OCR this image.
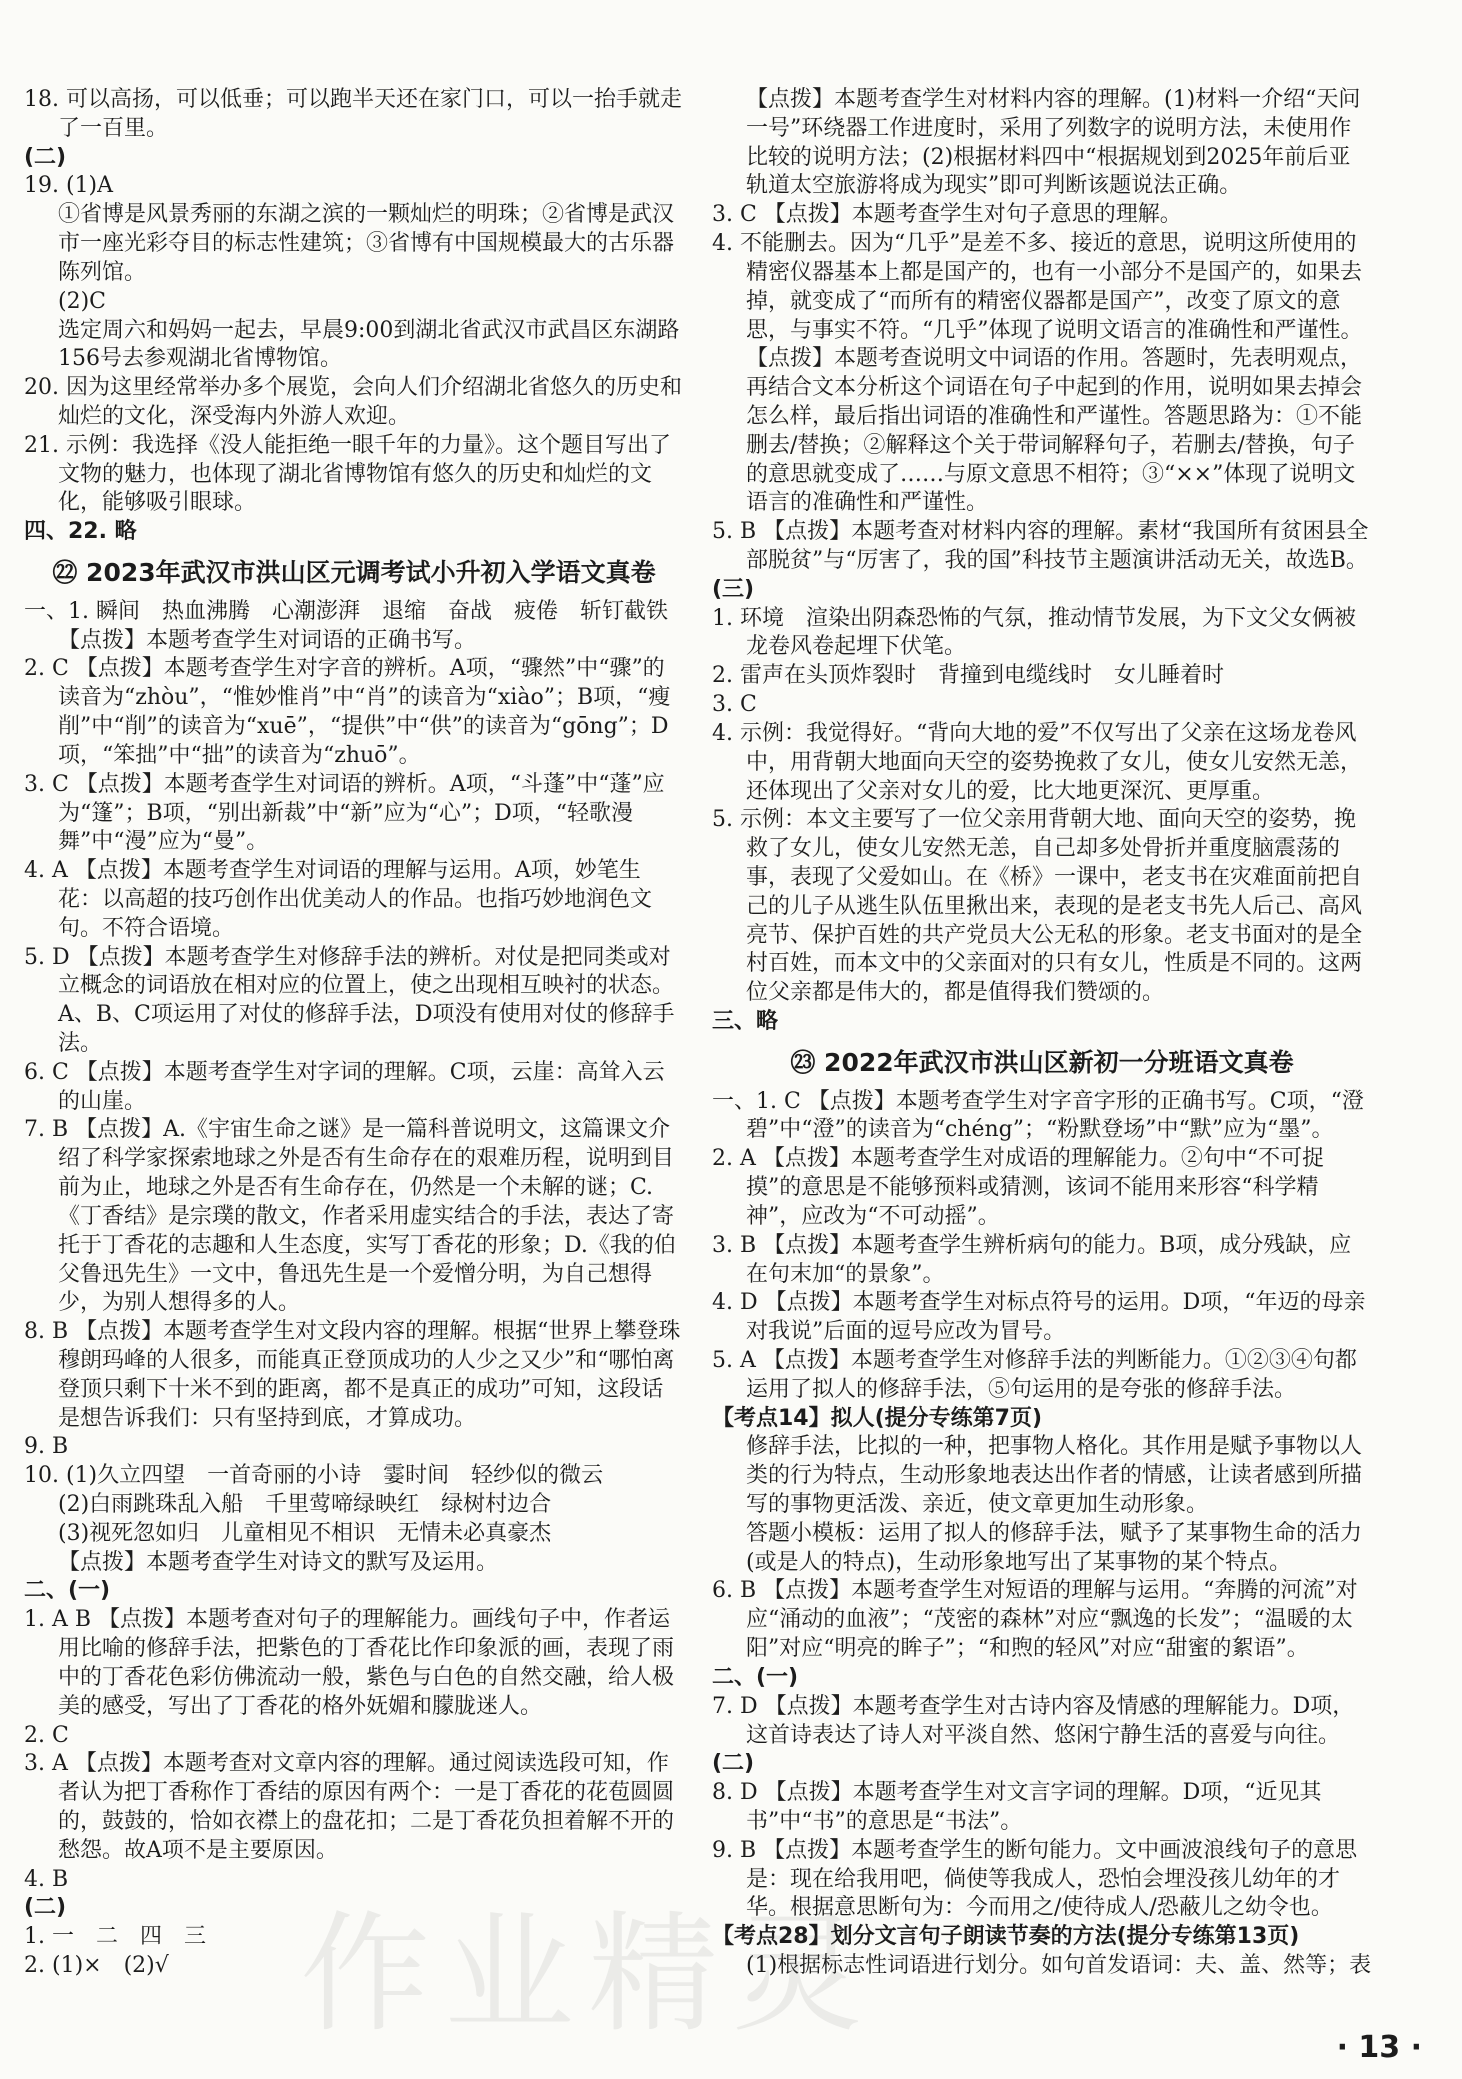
18. 可以高扬，可以低垂；可以跑半天还在家门口，可以一抬手就走了一百里。

(二)

19. (1)A

①省博是风景秀丽的东湖之滨的一颗灿烂的明珠；②省博是武汉市一座光彩夺目的标志性建筑；③省博有中国规模最大的古乐器陈列馆。

(2)C

选定周六和妈妈一起去，早晨9:00到湖北省武汉市武昌区东湖路156号去参观湖北省博物馆。

20. 因为这里经常举办多个展览，会向人们介绍湖北省悠久的历史和灿烂的文化，深受海内外游人欢迎。

21. 示例：我选择《没人能拒绝一眼千年的力量》。这个题目写出了文物的魅力，也体现了湖北省博物馆有悠久的历史和灿烂的文化，能够吸引眼球。

四、22. 略

㉒ 2023年武汉市洪山区元调考试小升初入学语文真卷

一、1. 瞬间　热血沸腾　心潮澎湃　退缩　奋战　疲倦　斩钉截铁

【点拨】本题考查学生对词语的正确书写。

2. C 【点拨】本题考查学生对字音的辨析。A项，“骤然”中“骤”的读音为“zhòu”，“惟妙惟肖”中“肖”的读音为“xiào”；B项，“瘦削”中“削”的读音为“xuē”，“提供”中“供”的读音为“gōng”；D项，“笨拙”中“拙”的读音为“zhuō”。

3. C 【点拨】本题考查学生对词语的辨析。A项，“斗蓬”中“蓬”应为“篷”；B项，“别出新裁”中“新”应为“心”；D项，“轻歌漫舞”中“漫”应为“曼”。

4. A 【点拨】本题考查学生对词语的理解与运用。A项，妙笔生花：以高超的技巧创作出优美动人的作品。也指巧妙地润色文句。不符合语境。

5. D 【点拨】本题考查学生对修辞手法的辨析。对仗是把同类或对立概念的词语放在相对应的位置上，使之出现相互映衬的状态。A、B、C项运用了对仗的修辞手法，D项没有使用对仗的修辞手法。

6. C 【点拨】本题考查学生对字词的理解。C项，云崖：高耸入云的山崖。

7. B 【点拨】A.《宇宙生命之谜》是一篇科普说明文，这篇课文介绍了科学家探索地球之外是否有生命存在的艰难历程，说明到目前为止，地球之外是否有生命存在，仍然是一个未解的谜；C.《丁香结》是宗璞的散文，作者采用虚实结合的手法，表达了寄托于丁香花的志趣和人生态度，实写丁香花的形象；D.《我的伯父鲁迅先生》一文中，鲁迅先生是一个爱憎分明，为自己想得少，为别人想得多的人。

8. B 【点拨】本题考查学生对文段内容的理解。根据“世界上攀登珠穆朗玛峰的人很多，而能真正登顶成功的人少之又少”和“哪怕离登顶只剩下十米不到的距离，都不是真正的成功”可知，这段话是想告诉我们：只有坚持到底，才算成功。

9. B

10. (1)久立四望　一首奇丽的小诗　霎时间　轻纱似的微云

(2)白雨跳珠乱入船　千里莺啼绿映红　绿树村边合

(3)视死忽如归　儿童相见不相识　无情未必真豪杰

【点拨】本题考查学生对诗文的默写及运用。

二、(一)

1. A B 【点拨】本题考查对句子的理解能力。画线句子中，作者运用比喻的修辞手法，把紫色的丁香花比作印象派的画，表现了雨中的丁香花色彩仿佛流动一般，紫色与白色的自然交融，给人极美的感受，写出了丁香花的格外妩媚和朦胧迷人。

2. C

3. A 【点拨】本题考查对文章内容的理解。通过阅读选段可知，作者认为把丁香称作丁香结的原因有两个：一是丁香花的花苞圆圆的，鼓鼓的，恰如衣襟上的盘花扣；二是丁香花负担着解不开的愁怨。故A项不是主要原因。

4. B

(二)

1. 一　二　四　三

2. (1)×　(2)√

【点拨】本题考查学生对材料内容的理解。(1)材料一介绍“天问一号”环绕器工作进度时，采用了列数字的说明方法，未使用作比较的说明方法；(2)根据材料四中“根据规划到2025年前后亚轨道太空旅游将成为现实”即可判断该题说法正确。

3. C 【点拨】本题考查学生对句子意思的理解。

4. 不能删去。因为“几乎”是差不多、接近的意思，说明这所使用的精密仪器基本上都是国产的，也有一小部分不是国产的，如果去掉，就变成了“而所有的精密仪器都是国产”，改变了原文的意思，与事实不符。“几乎”体现了说明文语言的准确性和严谨性。

【点拨】本题考查说明文中词语的作用。答题时，先表明观点，再结合文本分析这个词语在句子中起到的作用，说明如果去掉会怎么样，最后指出词语的准确性和严谨性。答题思路为：①不能删去/替换；②解释这个关于带词解释句子，若删去/替换，句子的意思就变成了……与原文意思不相符；③“××”体现了说明文语言的准确性和严谨性。

5. B 【点拨】本题考查对材料内容的理解。素材“我国所有贫困县全部脱贫”与“厉害了，我的国”科技节主题演讲活动无关，故选B。

(三)

1. 环境　渲染出阴森恐怖的气氛，推动情节发展，为下文父女俩被龙卷风卷起埋下伏笔。

2. 雷声在头顶炸裂时　背撞到电缆线时　女儿睡着时

3. C

4. 示例：我觉得好。“背向大地的爱”不仅写出了父亲在这场龙卷风中，用背朝大地面向天空的姿势挽救了女儿，使女儿安然无恙，还体现出了父亲对女儿的爱，比大地更深沉、更厚重。

5. 示例：本文主要写了一位父亲用背朝大地、面向天空的姿势，挽救了女儿，使女儿安然无恙，自己却多处骨折并重度脑震荡的事，表现了父爱如山。在《桥》一课中，老支书在灾难面前把自己的儿子从逃生队伍里揪出来，表现的是老支书先人后己、高风亮节、保护百姓的共产党员大公无私的形象。老支书面对的是全村百姓，而本文中的父亲面对的只有女儿，性质是不同的。这两位父亲都是伟大的，都是值得我们赞颂的。

三、略

㉓ 2022年武汉市洪山区新初一分班语文真卷

一、1. C 【点拨】本题考查学生对字音字形的正确书写。C项，“澄碧”中“澄”的读音为“chéng”；“粉默登场”中“默”应为“墨”。

2. A 【点拨】本题考查学生对成语的理解能力。②句中“不可捉摸”的意思是不能够预料或猜测，该词不能用来形容“科学精神”，应改为“不可动摇”。

3. B 【点拨】本题考查学生辨析病句的能力。B项，成分残缺，应在句末加“的景象”。

4. D 【点拨】本题考查学生对标点符号的运用。D项，“年迈的母亲对我说”后面的逗号应改为冒号。

5. A 【点拨】本题考查学生对修辞手法的判断能力。①②③④句都运用了拟人的修辞手法，⑤句运用的是夸张的修辞手法。

【考点14】拟人(提分专练第7页)

修辞手法，比拟的一种，把事物人格化。其作用是赋予事物以人类的行为特点，生动形象地表达出作者的情感，让读者感到所描写的事物更活泼、亲近，使文章更加生动形象。

答题小模板：运用了拟人的修辞手法，赋予了某事物生命的活力(或是人的特点)，生动形象地写出了某事物的某个特点。

6. B 【点拨】本题考查学生对短语的理解与运用。“奔腾的河流”对应“涌动的血液”；“茂密的森林”对应“飘逸的长发”；“温暖的太阳”对应“明亮的眸子”；“和煦的轻风”对应“甜蜜的絮语”。

二、(一)

7. D 【点拨】本题考查学生对古诗内容及情感的理解能力。D项，这首诗表达了诗人对平淡自然、悠闲宁静生活的喜爱与向往。

(二)

8. D 【点拨】本题考查学生对文言字词的理解。D项，“近见其书”中“书”的意思是“书法”。

9. B 【点拨】本题考查学生的断句能力。文中画波浪线句子的意思是：现在给我用吧，倘使等我成人，恐怕会埋没孩儿幼年的才华。根据意思断句为：今而用之/使待成人/恐蔽儿之幼令也。

【考点28】划分文言句子朗读节奏的方法(提分专练第13页)

(1)根据标志性词语进行划分。如句首发语词：夫、盖、然等；表

作业精灵	· 13 ·
